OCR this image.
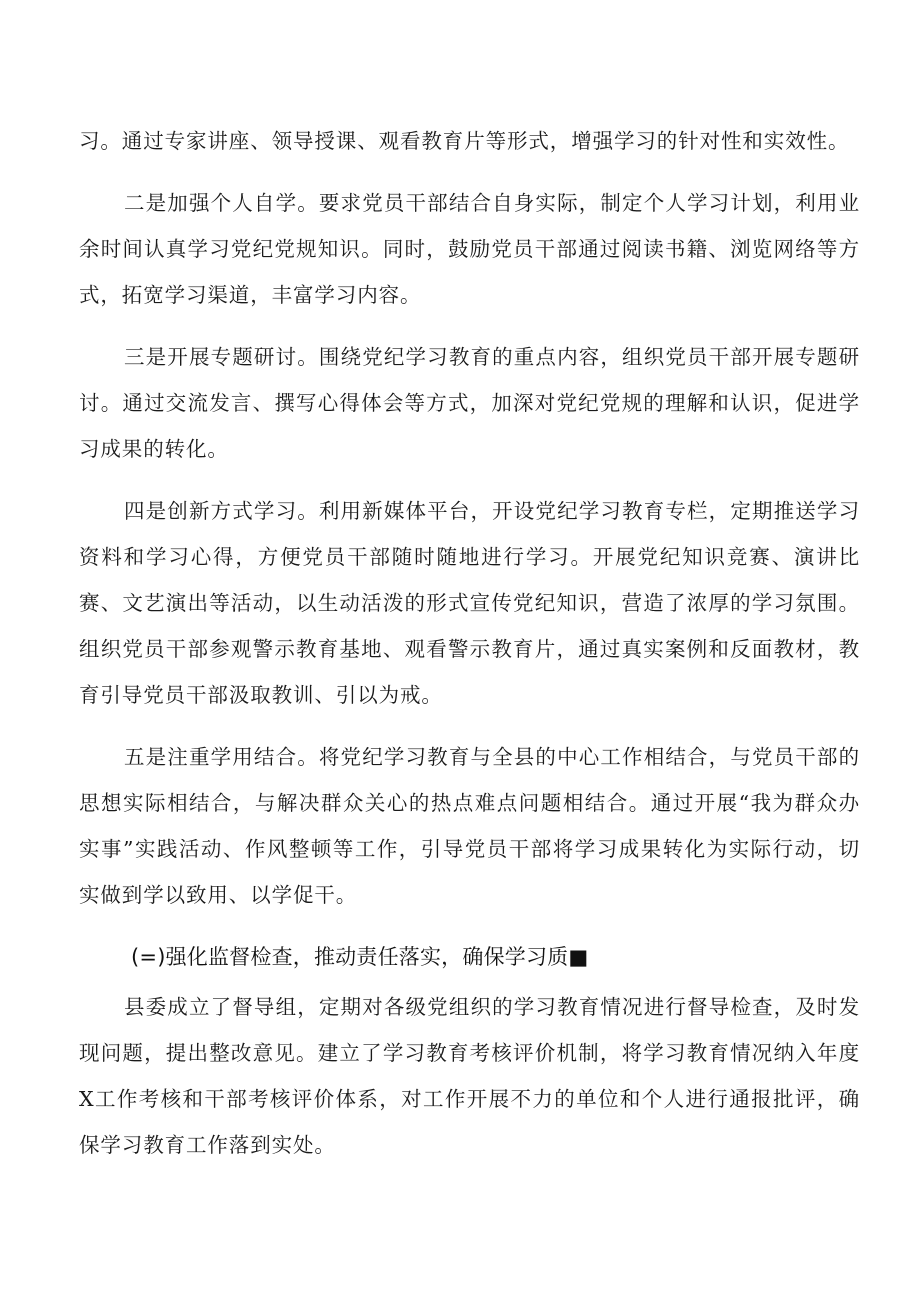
习。通过专家讲座、领导授课、观看教育片等形式，增强学习的针对性和实效性。

二是加强个人自学。要求党员干部结合自身实际，制定个人学习计划，利用业余时间认真学习党纪党规知识。同时，鼓励党员干部通过阅读书籍、浏览网络等方式，拓宽学习渠道，丰富学习内容。

三是开展专题研讨。围绕党纪学习教育的重点内容，组织党员干部开展专题研讨。通过交流发言、撰写心得体会等方式，加深对党纪党规的理解和认识，促进学习成果的转化。

四是创新方式学习。利用新媒体平台，开设党纪学习教育专栏，定期推送学习资料和学习心得，方便党员干部随时随地进行学习。开展党纪知识竞赛、演讲比赛、文艺演出等活动，以生动活泼的形式宣传党纪知识，营造了浓厚的学习氛围。组织党员干部参观警示教育基地、观看警示教育片，通过真实案例和反面教材，教育引导党员干部汲取教训、引以为戒。

五是注重学用结合。将党纪学习教育与全县的中心工作相结合，与党员干部的思想实际相结合，与解决群众关心的热点难点问题相结合。通过开展“我为群众办实事”实践活动、作风整顿等工作，引导党员干部将学习成果转化为实际行动，切实做到学以致用、以学促干。

(=)强化监督检查，推动责任落实，确保学习质■

县委成立了督导组，定期对各级党组织的学习教育情况进行督导检查，及时发现问题，提出整改意见。建立了学习教育考核评价机制，将学习教育情况纳入年度X工作考核和干部考核评价体系，对工作开展不力的单位和个人进行通报批评，确保学习教育工作落到实处。
